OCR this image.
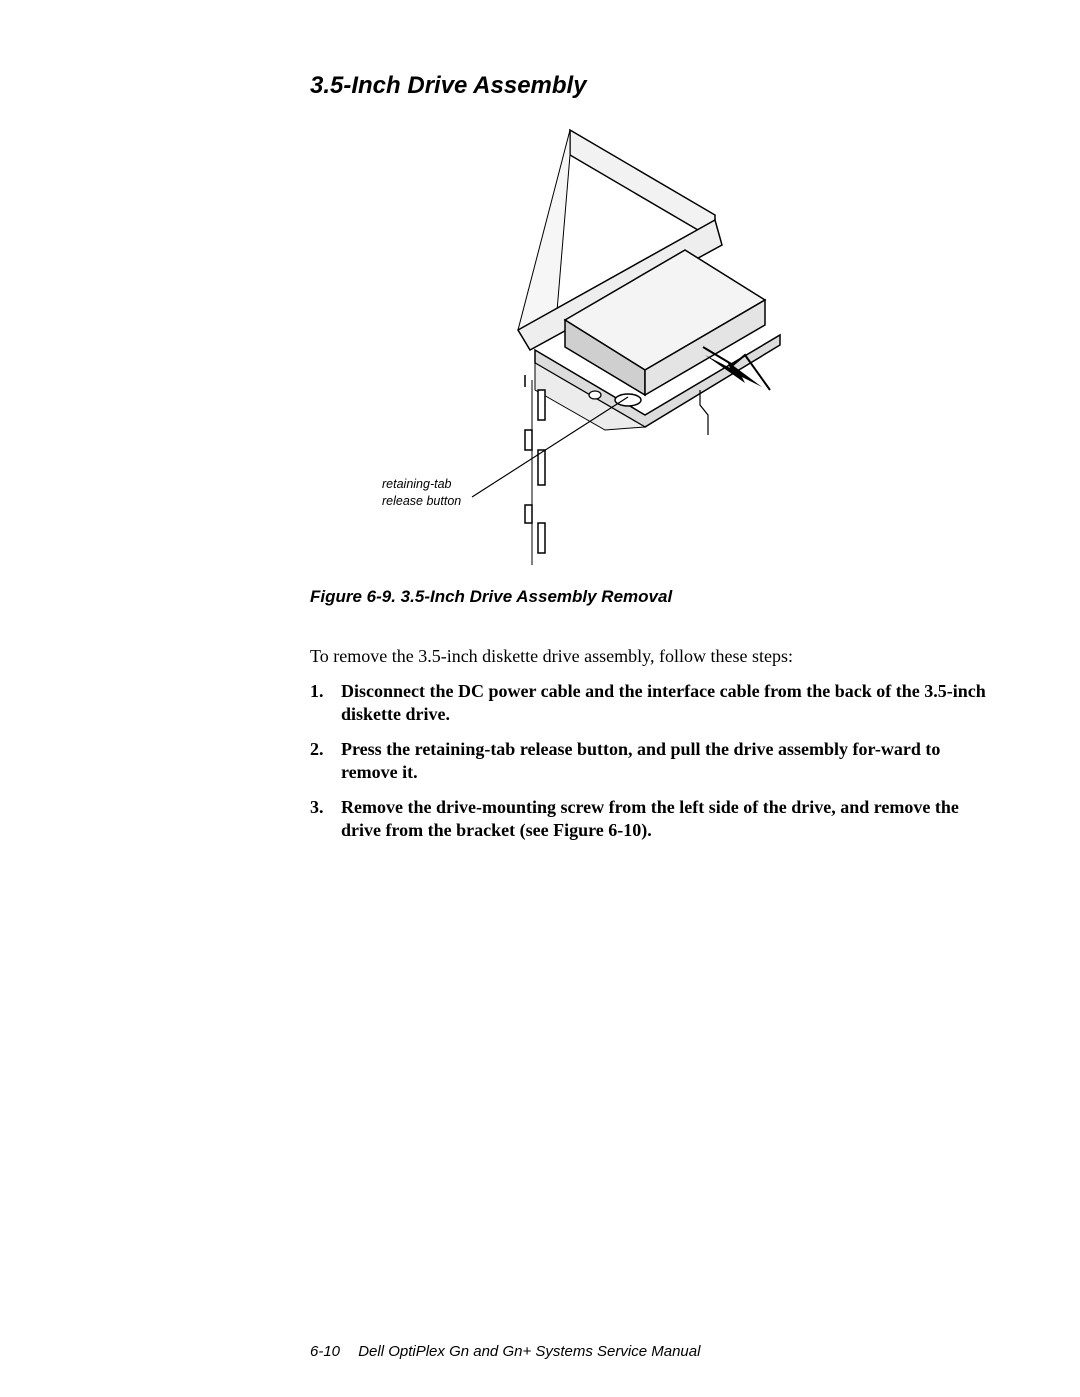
3.5-Inch Drive Assembly
retaining-tab
release button
Figure 6-9. 3.5-Inch Drive Assembly Removal
To remove the 3.5-inch diskette drive assembly, follow these steps:
1. Disconnect the DC power cable and the interface cable from the back of the 3.5-inch diskette drive.
2. Press the retaining-tab release button, and pull the drive assembly for-ward to remove it.
3. Remove the drive-mounting screw from the left side of the drive, and remove the drive from the bracket (see Figure 6-10).
6-10 Dell OptiPlex Gn and Gn+ Systems Service Manual
